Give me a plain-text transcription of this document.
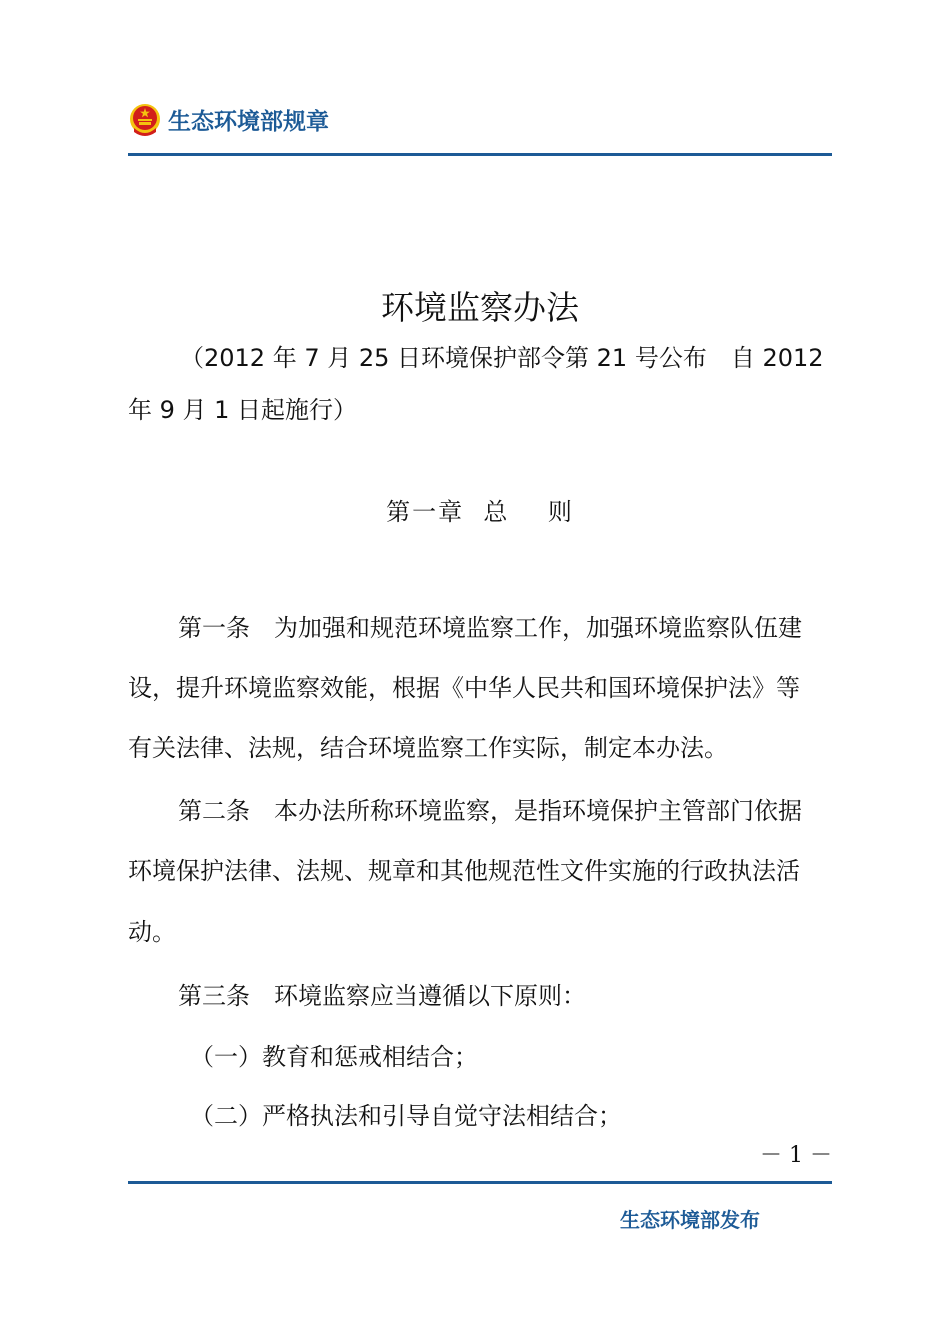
生态环境部规章
环境监察办法
（2012 年 7 月 25 日环境保护部令第 21 号公布　自 2012
年 9 月 1 日起施行）
第一章  总    则
第一条　为加强和规范环境监察工作，加强环境监察队伍建
设，提升环境监察效能，根据《中华人民共和国环境保护法》等
有关法律、法规，结合环境监察工作实际，制定本办法。
第二条　本办法所称环境监察，是指环境保护主管部门依据
环境保护法律、法规、规章和其他规范性文件实施的行政执法活
动。
第三条　环境监察应当遵循以下原则：
（一）教育和惩戒相结合；
（二）严格执法和引导自觉守法相结合；
－ 1 －
生态环境部发布
